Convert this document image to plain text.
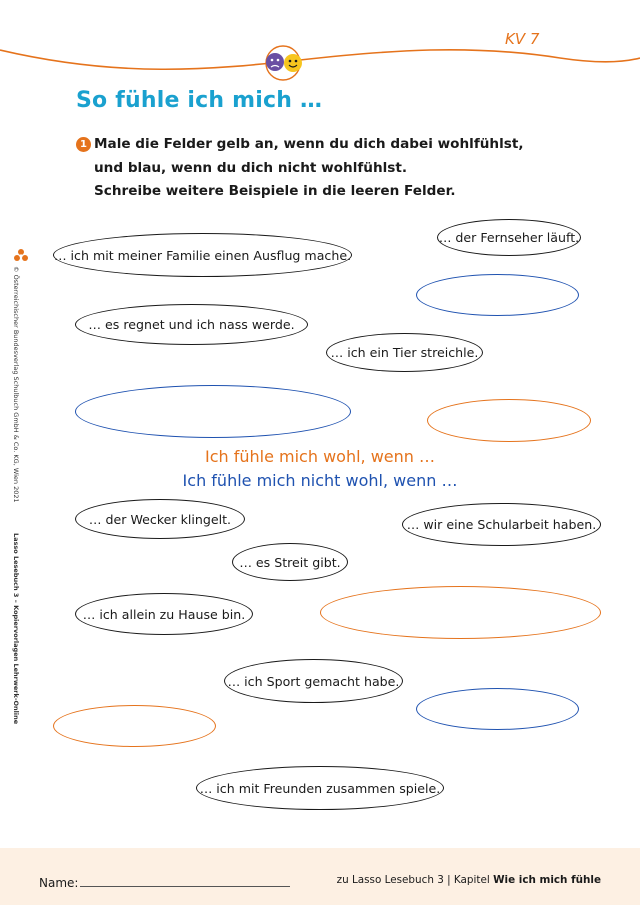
KV 7
So fühle ich mich …
1 Male die Felder gelb an, wenn du dich dabei wohlfühlst,
und blau, wenn du dich nicht wohlfühlst.
Schreibe weitere Beispiele in die leeren Felder.
… ich mit meiner Familie einen Ausflug mache.
… der Fernseher läuft.
… es regnet und ich nass werde.
… ich ein Tier streichle.
Ich fühle mich wohl, wenn …
Ich fühle mich nicht wohl, wenn …
… der Wecker klingelt.	… wir eine Schularbeit haben.
… es Streit gibt.
… ich allein zu Hause bin.
… ich Sport gemacht habe.
… ich mit Freunden zusammen spiele.
© Österreichischer Bundesverlag Schulbuch GmbH & Co. KG, Wien 2021
Lasso Lesebuch 3 – Kopiervorlagen Lehrwerk-Online
Name:	zu Lasso Lesebuch 3 | Kapitel Wie ich mich fühle
